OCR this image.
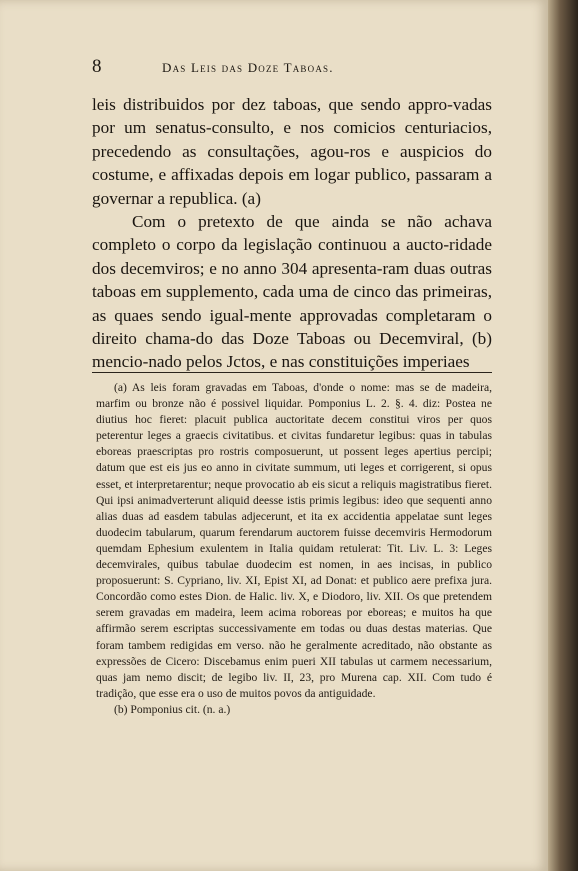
8	Das Leis das Doze Taboas.

leis distribuidos por dez taboas, que sendo appro-vadas por um senatus-consulto, e nos comicios centuriacios, precedendo as consultações, agou-ros e auspicios do costume, e affixadas depois em logar publico, passaram a governar a republica. (a)

Com o pretexto de que ainda se não achava completo o corpo da legislação continuou a aucto-ridade dos decemviros; e no anno 304 apresenta-ram duas outras taboas em supplemento, cada uma de cinco das primeiras, as quaes sendo igual-mente approvadas completaram o direito chama-do das Doze Taboas ou Decemviral, (b) mencio-nado pelos Jctos, e nas constituições imperiaes

(a) As leis foram gravadas em Taboas, d'onde o nome: mas se de madeira, marfim ou bronze não é possivel liquidar. Pomponius L. 2. §. 4. diz: Postea ne diutius hoc fieret: placuit publica auctoritate decem constitui viros per quos peterentur leges a graecis civitatibus. et civitas fundaretur legibus: quas in tabulas eboreas praescriptas pro rostris composuerunt, ut possent leges apertius percipi; datum que est eis jus eo anno in civitate summum, uti leges et corrigerent, si opus esset, et interpretarentur; neque provocatio ab eis sicut a reliquis magistratibus fieret. Qui ipsi animadverterunt aliquid deesse istis primis legibus: ideo que sequenti anno alias duas ad easdem tabulas adjecerunt, et ita ex accidentia appelatae sunt leges duodecim tabularum, quarum ferendarum auctorem fuisse decemviris Hermodorum quemdam Ephesium exulentem in Italia quidam retulerat: Tit. Liv. L. 3: Leges decemvirales, quibus tabulae duodecim est nomen, in aes incisas, in publico proposuerunt: S. Cypriano, liv. XI, Epist XI, ad Donat: et publico aere prefixa jura. Concordão como estes Dion. de Halic. liv. X, e Diodoro, liv. XII. Os que pretendem serem gravadas em madeira, leem acima roboreas por eboreas; e muitos ha que affirmão serem escriptas successivamente em todas ou duas destas materias. Que foram tambem redigidas em verso. não he geralmente acreditado, não obstante as expressões de Cicero: Discebamus enim pueri XII tabulas ut carmem necessarium, quas jam nemo discit; de legibo liv. II, 23, pro Murena cap. XII. Com tudo é tradição, que esse era o uso de muitos povos da antiguidade.

(b) Pomponius cit. (n. a.)
